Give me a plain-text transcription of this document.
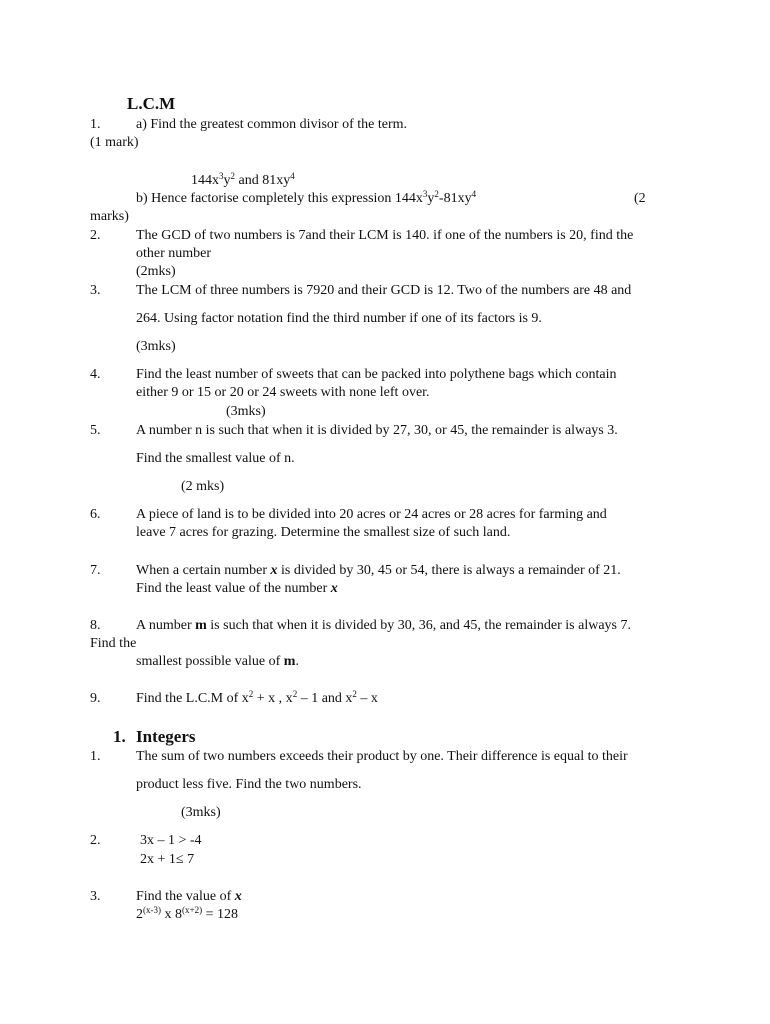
L.C.M
1.	a) Find the greatest common divisor of the term.
(1 mark)
$144x^3y^2$ and $81xy^4$
b) Hence factorise completely this expression $144x^3y^2-81xy^4$	(2
marks)
2.	The GCD of two numbers is 7and their LCM is 140. if one of the numbers is 20, find the
other number
(2mks)
3.	The LCM of three numbers is 7920 and their GCD is 12. Two of the numbers are 48 and
264. Using factor notation find the third number if one of its factors is 9.
(3mks)
4.	Find the least number of sweets that can be packed into polythene bags which contain
either 9 or 15 or 20 or 24 sweets with none left over.
(3mks)
5.	A number n is such that when it is divided by 27, 30, or 45, the remainder is always 3.
Find the smallest value of n.
(2 mks)
6.	A piece of land is to be divided into 20 acres or 24 acres or 28 acres for farming and
leave 7 acres for grazing. Determine the smallest size of such land.
7.	When a certain number x is divided by 30, 45 or 54, there is always a remainder of 21.
Find the least value of the number x
8.	A number m is such that when it is divided by 30, 36, and 45, the remainder is always 7.
Find the
smallest possible value of m.
9.	Find the L.C.M of $x^2 + x$ , $x^2 - 1$ and $x^2$ – x
1. Integers
1.	The sum of two numbers exceeds their product by one. Their difference is equal to their
product less five. Find the two numbers.
(3mks)
2.	3x – 1 > -4
2x + 1≤ 7
3.	Find the value of x
2$^{(x-3)}$ x $8^{(x+2)} = 128$
